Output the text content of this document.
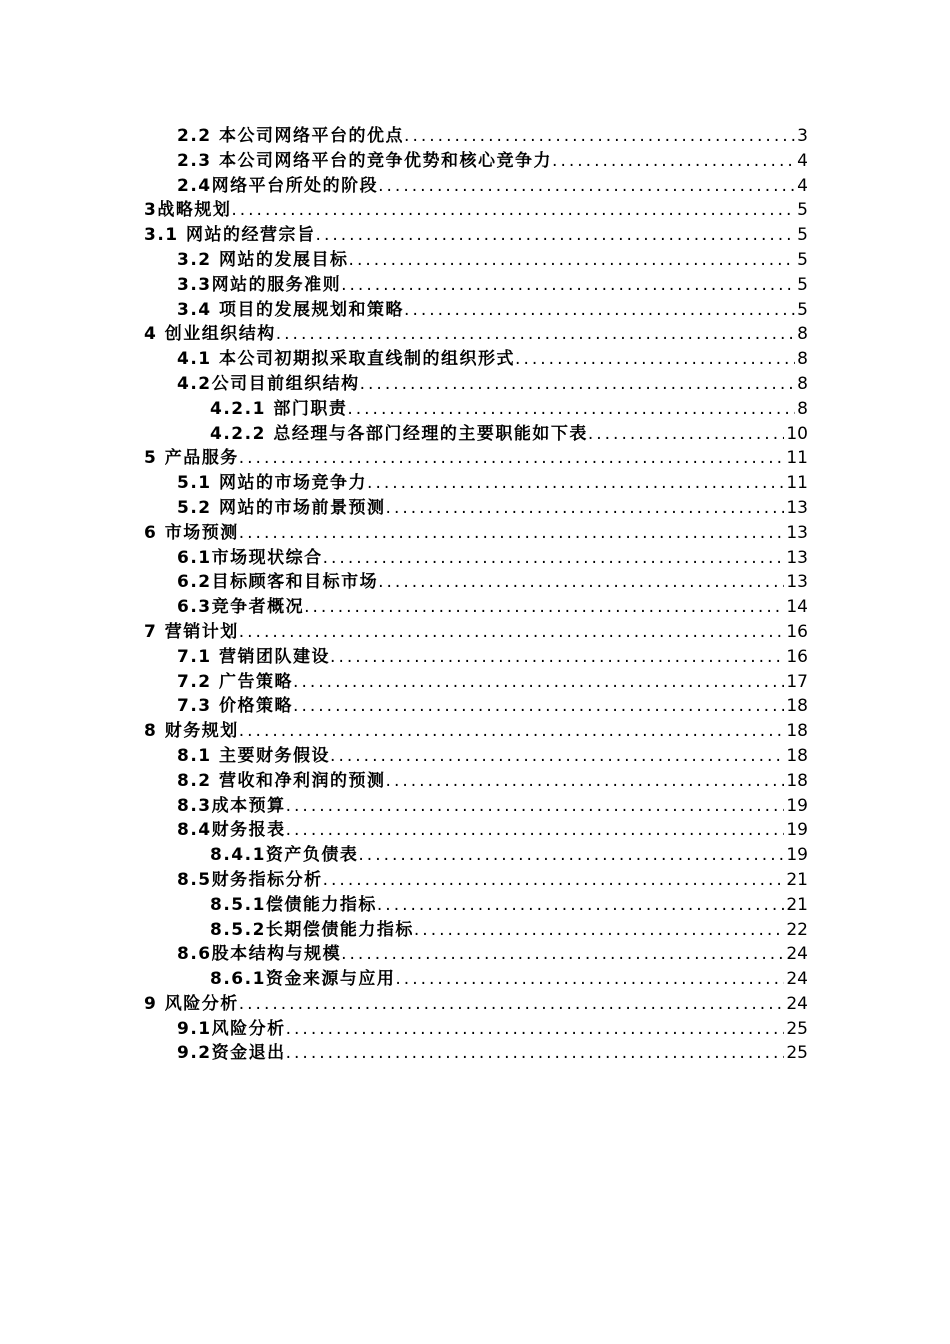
2.2 本公司网络平台的优点 .....	3
2.3 本公司网络平台的竞争优势和核心竞争力 .....	4
2.4网络平台所处的阶段 .....	4
3战略规划 .....	5
3.1 网站的经营宗旨 .....	5
3.2 网站的发展目标 .....	5
3.3网站的服务准则 .....	5
3.4 项目的发展规划和策略 .....	5
4 创业组织结构 .....	8
4.1 本公司初期拟采取直线制的组织形式 .....	8
4.2公司目前组织结构 .....	8
4.2.1 部门职责 .....	8
4.2.2 总经理与各部门经理的主要职能如下表 .....	10
5 产品服务 .....	11
5.1 网站的市场竞争力 .....	11
5.2 网站的市场前景预测 .....	13
6 市场预测 .....	13
6.1市场现状综合 .....	13
6.2目标顾客和目标市场 .....	13
6.3竞争者概况 .....	14
7 营销计划 .....	16
7.1 营销团队建设 .....	16
7.2 广告策略 .....	17
7.3 价格策略 .....	18
8 财务规划 .....	18
8.1 主要财务假设 .....	18
8.2 营收和净利润的预测 .....	18
8.3成本预算 .....	19
8.4财务报表 .....	19
8.4.1资产负债表 .....	19
8.5财务指标分析 .....	21
8.5.1偿债能力指标 .....	21
8.5.2长期偿债能力指标 .....	22
8.6股本结构与规模 .....	24
8.6.1资金来源与应用 .....	24
9 风险分析 .....	24
9.1风险分析 .....	25
9.2资金退出 .....	25
